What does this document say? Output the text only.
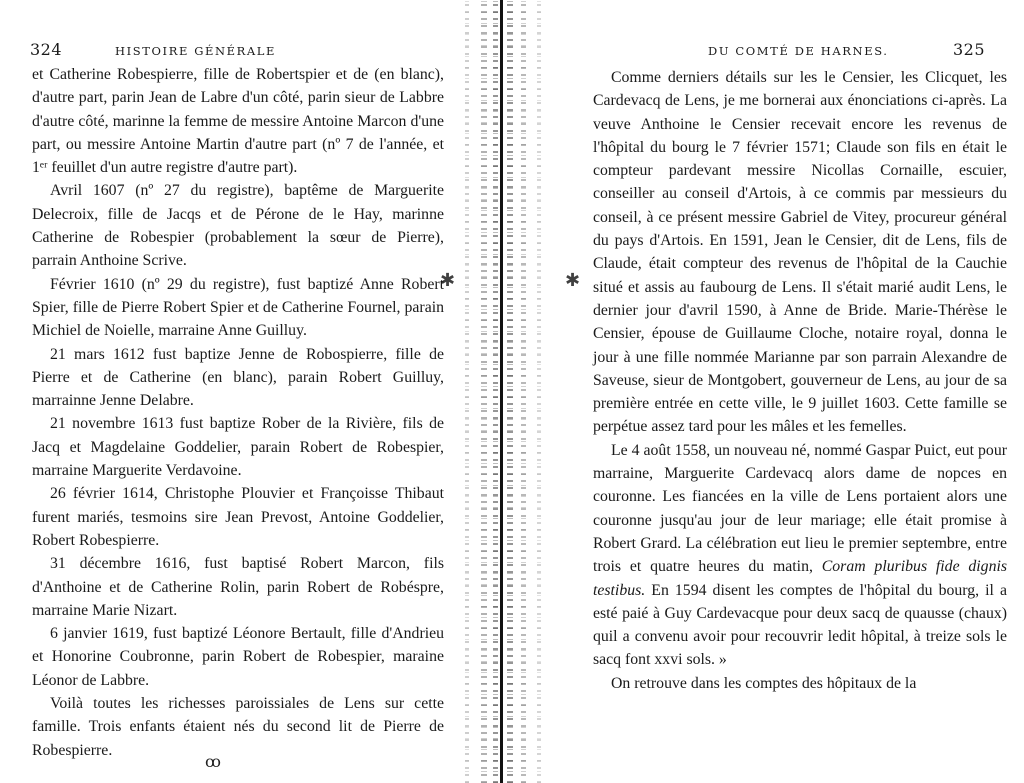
324	HISTOIRE GÉNÉRALE

et Catherine Robespierre, fille de Robertspier et de (en blanc), d'autre part, parin Jean de Labre d'un côté, parin sieur de Labbre d'autre côté, marinne la femme de messire Antoine Marcon d'une part, ou messire Antoine Martin d'autre part (nº 7 de l'année, et 1ᵉʳ feuillet d'un autre registre d'autre part).

Avril 1607 (nº 27 du registre), baptême de Marguerite Delecroix, fille de Jacqs et de Pérone de le Hay, marinne Catherine de Robespier (probablement la sœur de Pierre), parrain Anthoine Scrive.

Février 1610 (nº 29 du registre), fust baptizé Anne Robert Spier, fille de Pierre Robert Spier et de Catherine Fournel, parain Michiel de Noielle, marraine Anne Guilluy.

21 mars 1612 fust baptize Jenne de Robospierre, fille de Pierre et de Catherine (en blanc), parain Robert Guilluy, marrainne Jenne Delabre.

21 novembre 1613 fust baptize Rober de la Rivière, fils de Jacq et Magdelaine Goddelier, parain Robert de Robespier, marraine Marguerite Verdavoine.

26 février 1614, Christophe Plouvier et Françoisse Thibaut furent mariés, tesmoins sire Jean Prevost, Antoine Goddelier, Robert Robespierre.

31 décembre 1616, fust baptisé Robert Marcon, fils d'Anthoine et de Catherine Rolin, parin Robert de Robéspre, marraine Marie Nizart.

6 janvier 1619, fust baptizé Léonore Bertault, fille d'Andrieu et Honorine Coubronne, parin Robert de Robespier, maraine Léonor de Labbre.

Voilà toutes les richesses paroissiales de Lens sur cette famille. Trois enfants étaient nés du second lit de Pierre de Robespierre.

ꝏ
✱	✱
DU COMTÉ DE HARNES.	325

Comme derniers détails sur les le Censier, les Clicquet, les Cardevacq de Lens, je me bornerai aux énonciations ci-après. La veuve Anthoine le Censier recevait encore les revenus de l'hôpital du bourg le 7 février 1571; Claude son fils en était le compteur pardevant messire Nicollas Cornaille, escuier, conseiller au conseil d'Artois, à ce commis par messieurs du conseil, à ce présent messire Gabriel de Vitey, procureur général du pays d'Artois. En 1591, Jean le Censier, dit de Lens, fils de Claude, était compteur des revenus de l'hôpital de la Cauchie situé et assis au faubourg de Lens. Il s'était marié audit Lens, le dernier jour d'avril 1590, à Anne de Bride. Marie-Thérèse le Censier, épouse de Guillaume Cloche, notaire royal, donna le jour à une fille nommée Marianne par son parrain Alexandre de Saveuse, sieur de Montgobert, gouverneur de Lens, au jour de sa première entrée en cette ville, le 9 juillet 1603. Cette famille se perpétue assez tard pour les mâles et les femelles.

Le 4 août 1558, un nouveau né, nommé Gaspar Puict, eut pour marraine, Marguerite Cardevacq alors dame de nopces en couronne. Les fiancées en la ville de Lens portaient alors une couronne jusqu'au jour de leur mariage; elle était promise à Robert Grard. La célébration eut lieu le premier septembre, entre trois et quatre heures du matin, Coram pluribus fide dignis testibus. En 1594 disent les comptes de l'hôpital du bourg, il a esté paié à Guy Cardevacque pour deux sacq de quausse (chaux) quil a convenu avoir pour recouvrir ledit hôpital, à treize sols le sacq font xxvi sols. »

On retrouve dans les comptes des hôpitaux de la
